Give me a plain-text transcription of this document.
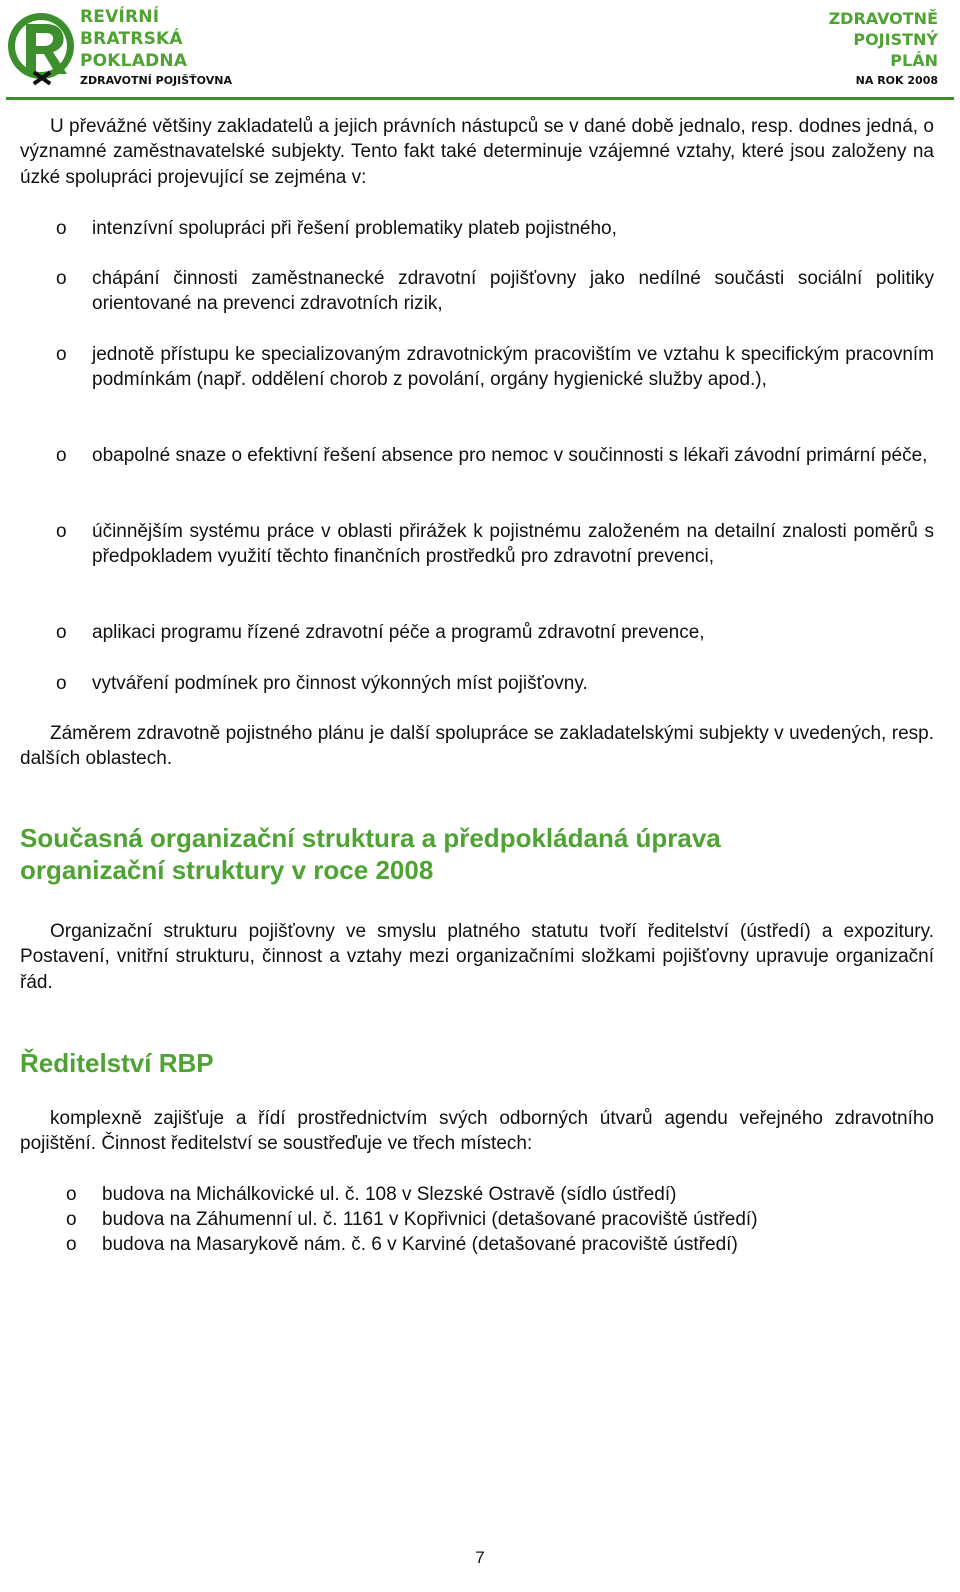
REVÍRNÍ
BRATRSKÁ
POKLADNA
ZDRAVOTNÍ POJIŠŤOVNA
ZDRAVOTNĚ
POJISTNÝ
PLÁN
NA ROK 2008
U převážné většiny zakladatelů a jejich právních nástupců se v dané době jednalo, resp. dodnes jedná, o významné zaměstnavatelské subjekty. Tento fakt také determinuje vzájemné vztahy, které jsou založeny na úzké spolupráci projevující se zejména v:
o intenzívní spolupráci při řešení problematiky plateb pojistného,
o chápání činnosti zaměstnanecké zdravotní pojišťovny jako nedílné součásti sociální politiky orientované na prevenci zdravotních rizik,
o jednotě přístupu ke specializovaným zdravotnickým pracovištím ve vztahu k specifickým pracovním podmínkám (např. oddělení chorob z povolání, orgány hygienické služby apod.),
o obapolné snaze o efektivní řešení absence pro nemoc v součinnosti s lékaři závodní primární péče,
o účinnějším systému práce v oblasti přirážek k pojistnému založeném na detailní znalosti poměrů s předpokladem využití těchto finančních prostředků pro zdravotní prevenci,
o aplikaci programu řízené zdravotní péče a programů zdravotní prevence,
o vytváření podmínek pro činnost výkonných míst pojišťovny.
Záměrem zdravotně pojistného plánu je další spolupráce se zakladatelskými subjekty v uvedených, resp. dalších oblastech.
Současná organizační struktura a předpokládaná úprava
organizační struktury v roce 2008
Organizační strukturu pojišťovny ve smyslu platného statutu tvoří ředitelství (ústředí) a expozitury. Postavení, vnitřní strukturu, činnost a vztahy mezi organizačními složkami pojišťovny upravuje organizační řád.
Ředitelství RBP
komplexně zajišťuje a řídí prostřednictvím svých odborných útvarů agendu veřejného zdravotního pojištění. Činnost ředitelství se soustřeďuje ve třech místech:
o budova na Michálkovické ul. č. 108 v Slezské Ostravě (sídlo ústředí)
o budova na Záhumenní ul. č. 1161 v Kopřivnici (detašované pracoviště ústředí)
o budova na Masarykově nám. č. 6 v Karviné (detašované pracoviště ústředí)
7
